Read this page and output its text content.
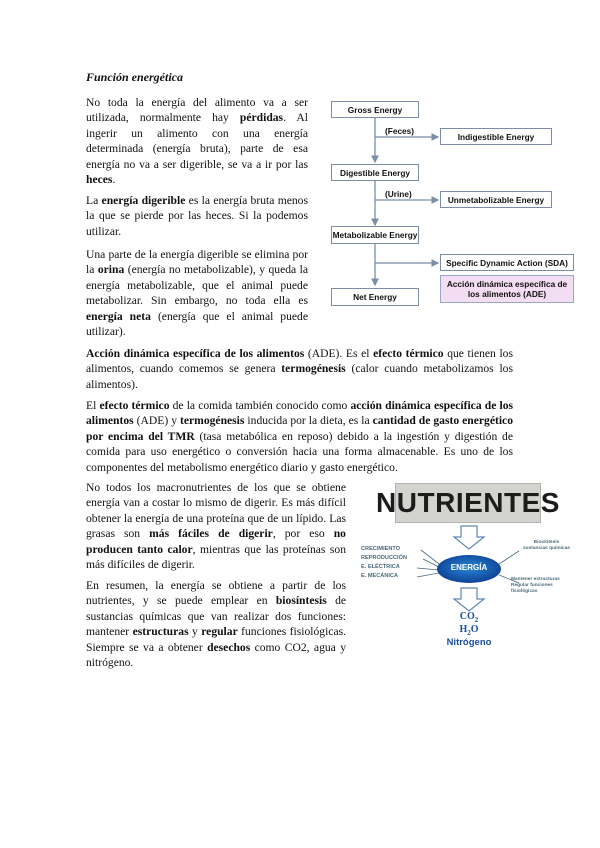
Función energética

No toda la energía del alimento va a ser utilizada, normalmente hay pérdidas. Al ingerir un alimento con una energía determinada (energía bruta), parte de esa energía no va a ser digerible, se va a ir por las heces.

La energía digerible es la energía bruta menos la que se pierde por las heces. Si la podemos utilizar.

Una parte de la energía digerible se elimina por la orina (energía no metabolizable), y queda la energía metabolizable, que el animal puede metabolizar. Sin embargo, no toda ella es energía neta (energía que el animal puede utilizar).

Gross Energy
(Feces)
Indigestible Energy
Digestible Energy
(Urine)
Unmetabolizable Energy
Metabolizable Energy
Specific Dynamic Action (SDA)
Acción dinámica específica de
los alimentos (ADE)
Net Energy

Acción dinámica específica de los alimentos (ADE). Es el efecto térmico que tienen los alimentos, cuando comemos se genera termogénesis (calor cuando metabolizamos los alimentos).

El efecto térmico de la comida también conocido como acción dinámica específica de los alimentos (ADE) y termogénesis inducida por la dieta, es la cantidad de gasto energético por encima del TMR (tasa metabólica en reposo) debido a la ingestión y digestión de comida para uso energético o conversión hacia una forma almacenable. Es uno de los componentes del metabolismo energético diario y gasto energético.

No todos los macronutrientes de los que se obtiene energía van a costar lo mismo de digerir. Es más difícil obtener la energía de una proteína que de un lípido. Las grasas son más fáciles de digerir, por eso no producen tanto calor, mientras que las proteínas son más difíciles de digerir.

En resumen, la energía se obtiene a partir de los nutrientes, y se puede emplear en biosíntesis de sustancias químicas que van realizar dos funciones: mantener estructuras y regular funciones fisiológicas. Siempre se va a obtener desechos como CO2, agua y nitrógeno.

NUTRIENTES
ENERGÍA
CRECIMIENTO
REPRODUCCIÓN
E. ELÉCTRICA
E. MECÁNICA
Biosíntesis
sustancias químicas
Mantener estructuras
Regular funciones
fisiológicas
$CO_2$
$H_2O$
Nitrógeno
